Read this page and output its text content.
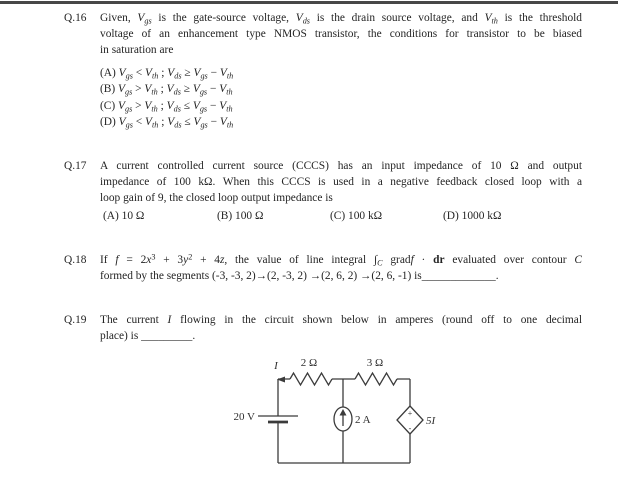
Q.16	Given, $V_{gs}$ is the gate-source voltage, $V_{ds}$ is the drain source voltage, and $V_{th}$ is the threshold
voltage of an enhancement type NMOS transistor, the conditions for transistor to be biased
in saturation are
(A) $V_{gs} < V_{th}$ ; $V_{ds} \ge V_{gs} - V_{th}$
(B) $V_{gs} > V_{th}$ ; $V_{ds} \ge V_{gs} - V_{th}$
(C) $V_{gs} > V_{th}$ ; $V_{ds} \le V_{gs} - V_{th}$
(D) $V_{gs} < V_{th}$ ; $V_{ds} \le V_{gs} - V_{th}$
Q.17	A current controlled current source (CCCS) has an input impedance of 10 Ω and output
impedance of 100 kΩ. When this CCCS is used in a negative feedback closed loop with a
loop gain of 9, the closed loop output impedance is
(A) 10 Ω	(B) 100 Ω	(C) 100 kΩ	(D) 1000 kΩ
Q.18	If $f = 2x^3 + 3y^2 + 4z$, the value of line integral $\int_C$ gradf · dr evaluated over contour C
formed by the segments (-3, -3, 2)→(2, -3, 2) →(2, 6, 2) →(2, 6, -1) is_____________.
Q.19	The current I flowing in the circuit shown below in amperes (round off to one decimal
place) is _________.
I 2 Ω	3 Ω
20 V	2 A
+
-
5I
